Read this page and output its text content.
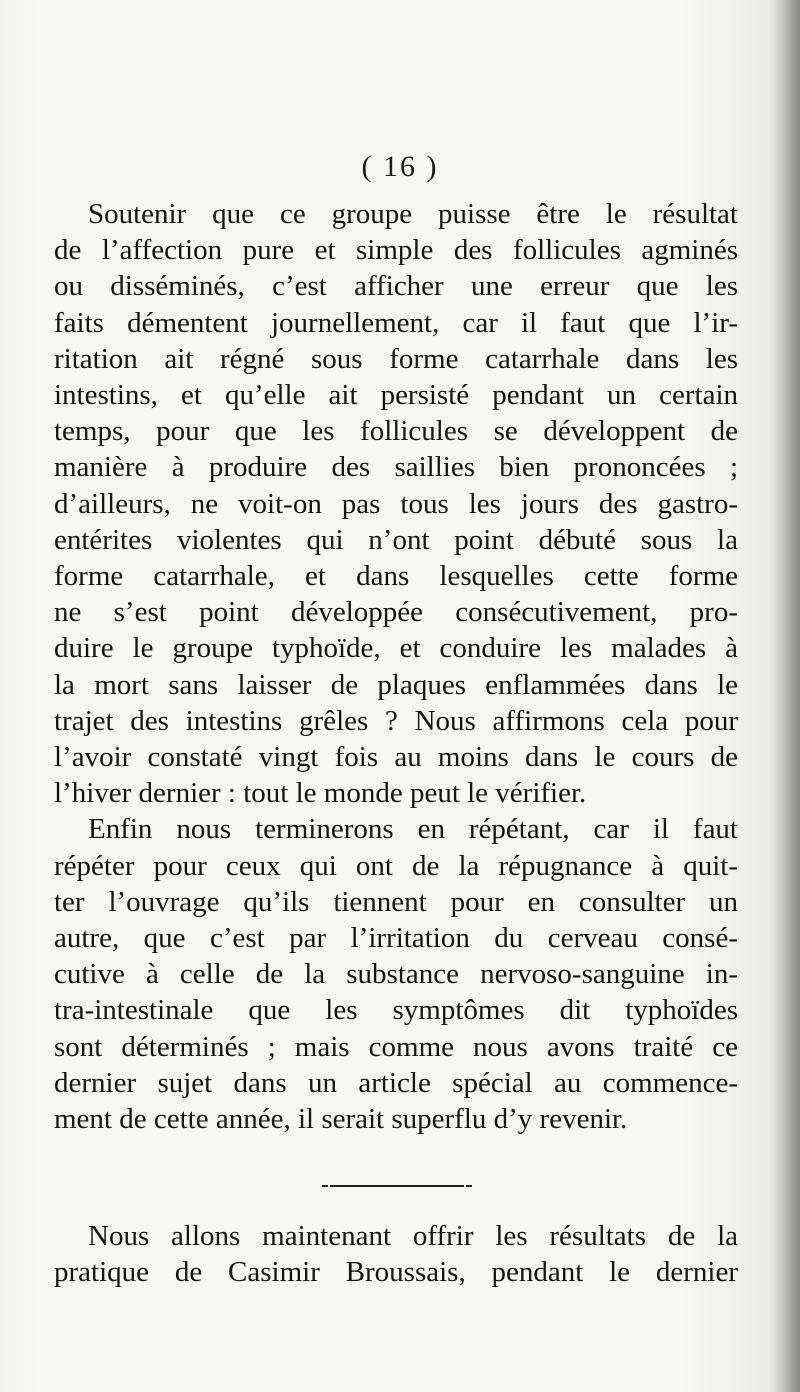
( 16 )
Soutenir que ce groupe puisse être le résultat
de l’affection pure et simple des follicules agminés
ou disséminés, c’est afficher une erreur que les
faits démentent journellement, car il faut que l’ir-
ritation ait régné sous forme catarrhale dans les
intestins, et qu’elle ait persisté pendant un certain
temps, pour que les follicules se développent de
manière à produire des saillies bien prononcées ;
d’ailleurs, ne voit-on pas tous les jours des gastro-
entérites violentes qui n’ont point débuté sous la
forme catarrhale, et dans lesquelles cette forme
ne s’est point développée consécutivement, pro-
duire le groupe typhoïde, et conduire les malades à
la mort sans laisser de plaques enflammées dans le
trajet des intestins grêles ? Nous affirmons cela pour
l’avoir constaté vingt fois au moins dans le cours de
l’hiver dernier : tout le monde peut le vérifier.
Enfin nous terminerons en répétant, car il faut
répéter pour ceux qui ont de la répugnance à quit-
ter l’ouvrage qu’ils tiennent pour en consulter un
autre, que c’est par l’irritation du cerveau consé-
cutive à celle de la substance nervoso-sanguine in-
tra-intestinale que les symptômes dit typhoïdes
sont déterminés ; mais comme nous avons traité ce
dernier sujet dans un article spécial au commence-
ment de cette année, il serait superflu d’y revenir.
Nous allons maintenant offrir les résultats de la
pratique de Casimir Broussais, pendant le dernier
